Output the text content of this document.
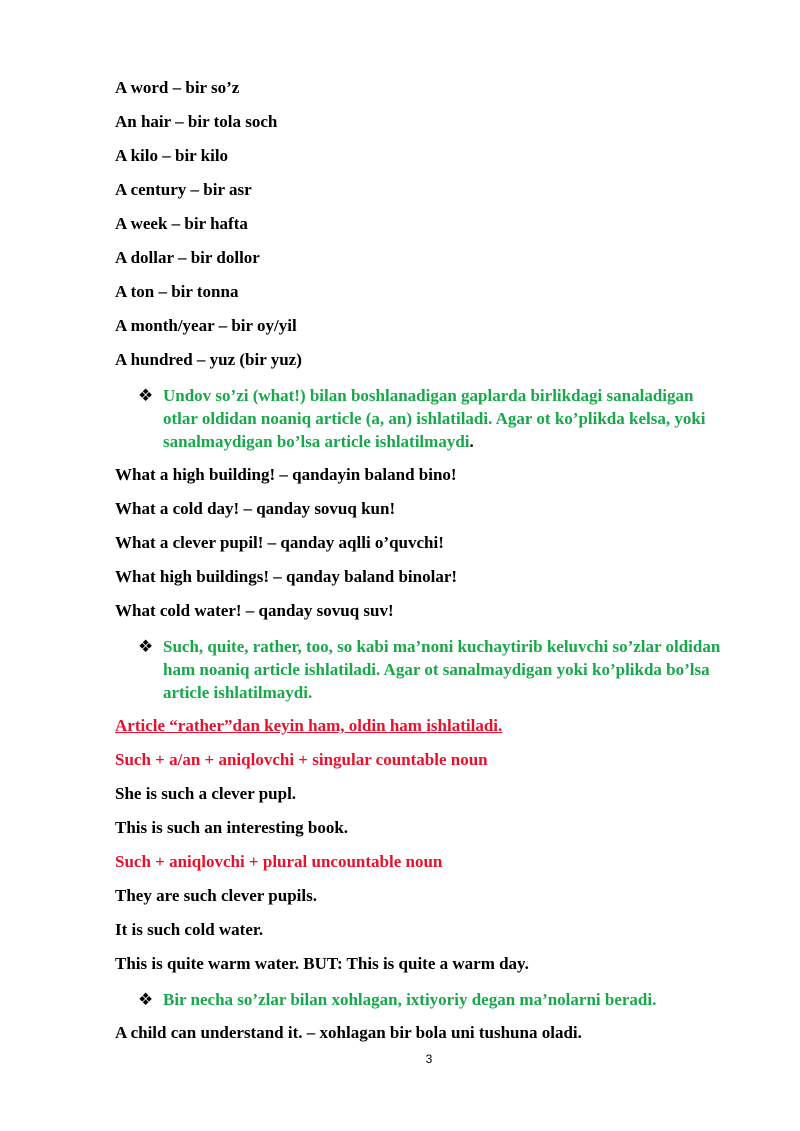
A word – bir so’z
An hair – bir tola soch
A kilo – bir kilo
A century – bir asr
A week – bir hafta
A dollar – bir dollor
A ton – bir tonna
A month/year – bir oy/yil
A hundred – yuz (bir yuz)
❖ Undov so’zi (what!) bilan boshlanadigan gaplarda birlikdagi sanaladigan otlar oldidan noaniq article (a, an) ishlatiladi. Agar ot ko’plikda kelsa, yoki sanalmaydigan bo’lsa article ishlatilmaydi.
What a high building! – qandayin baland bino!
What a cold day! – qanday sovuq kun!
What a clever pupil! – qanday aqlli o’quvchi!
What high buildings! – qanday baland binolar!
What cold water! – qanday sovuq suv!
❖ Such, quite, rather, too, so kabi ma’noni kuchaytirib keluvchi so’zlar oldidan ham noaniq article ishlatiladi. Agar ot sanalmaydigan yoki ko’plikda bo’lsa article ishlatilmaydi.
Article “rather”dan keyin ham, oldin ham ishlatiladi.
Such + a/an + aniqlovchi + singular countable noun
She is such a clever pupl.
This is such an interesting book.
Such + aniqlovchi + plural uncountable noun
They are such clever pupils.
It is such cold water.
This is quite warm water. BUT: This is quite a warm day.
❖ Bir necha so’zlar bilan xohlagan, ixtiyoriy degan ma’nolarni beradi.
A child can understand it. – xohlagan bir bola uni tushuna oladi.
3
